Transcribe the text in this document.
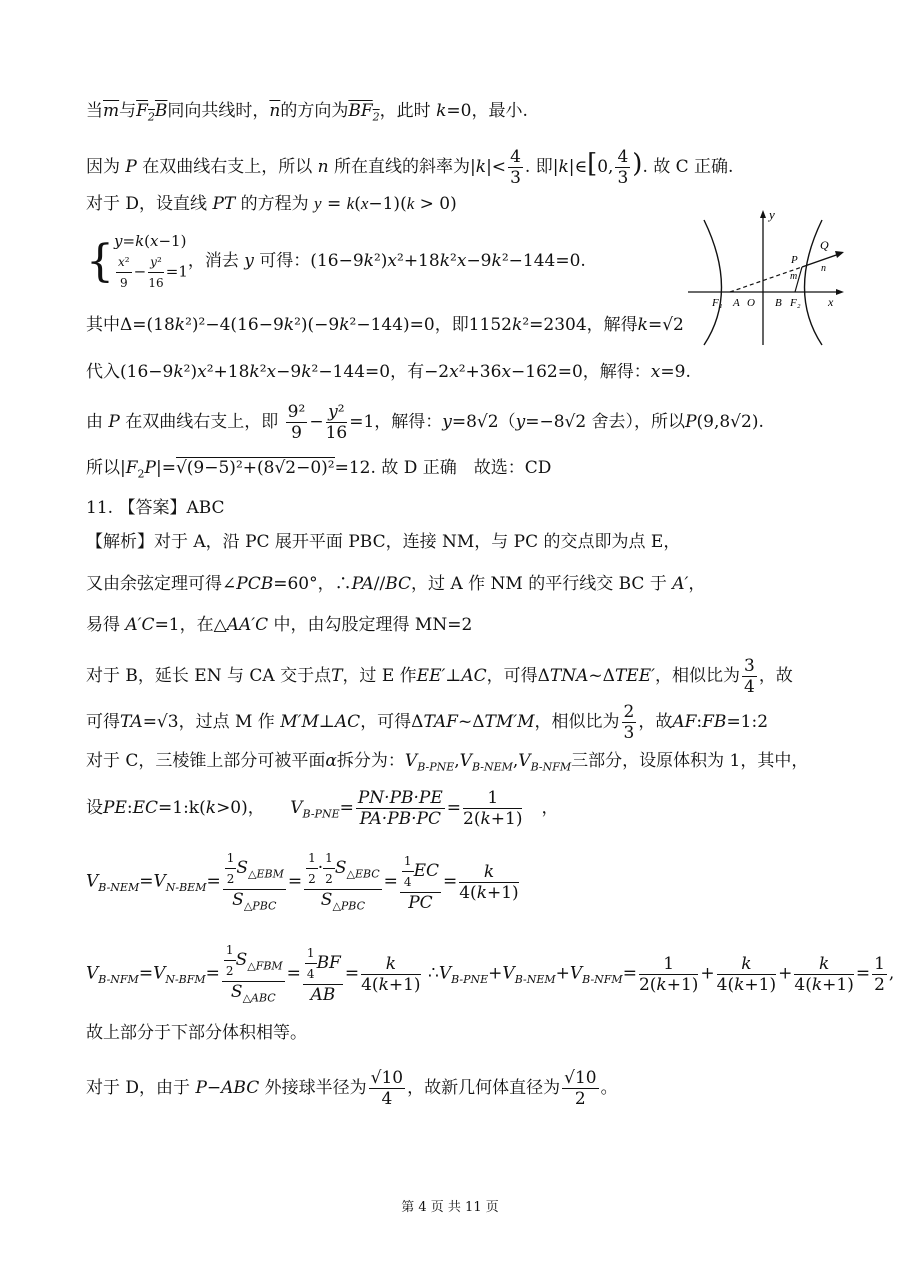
当$\overline{m}$与$F_2B$同向共线时，$\overline{n}$的方向为$BF_2$，此时 k=0，最小.
因为 P 在双曲线右支上，所以 n 所在直线的斜率为$|k|< \frac{4}{3}$ . 即|k|∈[0, $\frac{4}{3}$ ). 故 C 正确.
对于 D，设直线 PT 的方程为 y = k(x−1)(k > 0)
{y=k(x−1)

$\frac{\text{x²}}{9} - \frac{\text{y²}}{16} =1$，消去 y 可得：(16−9k²)x²+18k²x−9k²−144=0.
其中Δ=(18k²)²−4(16−9k²)(−9k²−144)=0，即1152k²=2304，解得k=√2
代入(16−9k²)x²+18k²x−9k²−144=0，有−2x²+36x−162=0，解得：x=9.
由 P 在双曲线右支上，即 $\frac{\text{9²}}{9} - \frac{\text{y²}}{16} =1$，解得：y=8√2（y=−8√2 舍去），所以P(9,8√2).
所以$|F_2P|=√(9-5)^2+(8√2-0)^2=12$. 故 D 正确　故选：CD
11. 【答案】ABC
【解析】对于 A，沿 PC 展开平面 PBC，连接 NM，与 PC 的交点即为点 E，
又由余弦定理可得∠PCB=60°，∴PA//BC，过 A 作 NM 的平行线交 BC 于 A′，
易得 A′C=1，在△AA′C 中，由勾股定理得 MN=2
对于 B，延长 EN 与 CA 交于点T，过 E 作EE′⊥AC，可得ΔTNA~ΔTEE′，相似比为 $\frac{3}{4}$ ，故
可得TA=√3，过点 M 作 M′M⊥AC，可得ΔTAF~ΔTM′M，相似比为 $\frac{2}{3}$ ，故AF:FB=1:2
对于 C，三棱锥上部分可被平面α拆分为：$V_{B-PNE},V_{B-NEM},V_{B-NFM}$三部分，设原体积为 1，其中，
设PE:EC=1:k(k>0)，　　$V_{B-PNE}= \frac{PN\cdot PB\cdot PE}{PA\cdot PB\cdot PC} = \frac{1}{2(k+1)}$ 　，
$V_{B-NEM}=V_{N-BEM}= \frac{\frac{1}{2} S_{\triangle EBM}}{S_{\triangle PBC}} = \frac{\frac{1}{2} \cdot \frac{1}{2} S_{\triangle EBC}}{S_{\triangle PBC}} = \frac{\frac{1}{4} EC}{PC} = \frac{k}{4(k+1)}$
$V_{B-NFM}=V_{N-BFM}= \frac{\frac{1}{2} S_{\triangle FBM}}{S_{\triangle ABC}} = \frac{\frac{1}{4} BF}{AB} = \frac{k}{4(k+1)}$ $\therefore V_{B-PNE}+V_{B-NEM}+V_{B-NFM}= \frac{1}{2(k+1)} + \frac{k}{4(k+1)} + \frac{k}{4(k+1)} = \frac{1}{2}$ ,
故上部分于下部分体积相等。
对于 D，由于 P−ABC 外接球半径为 $\frac{√10}{4}$ ，故新几何体直径为 $\frac{√10}{2}$ 。
y
Q
P
n
m
F₁ A O B F₂ x
第 4 页 共 11 页
